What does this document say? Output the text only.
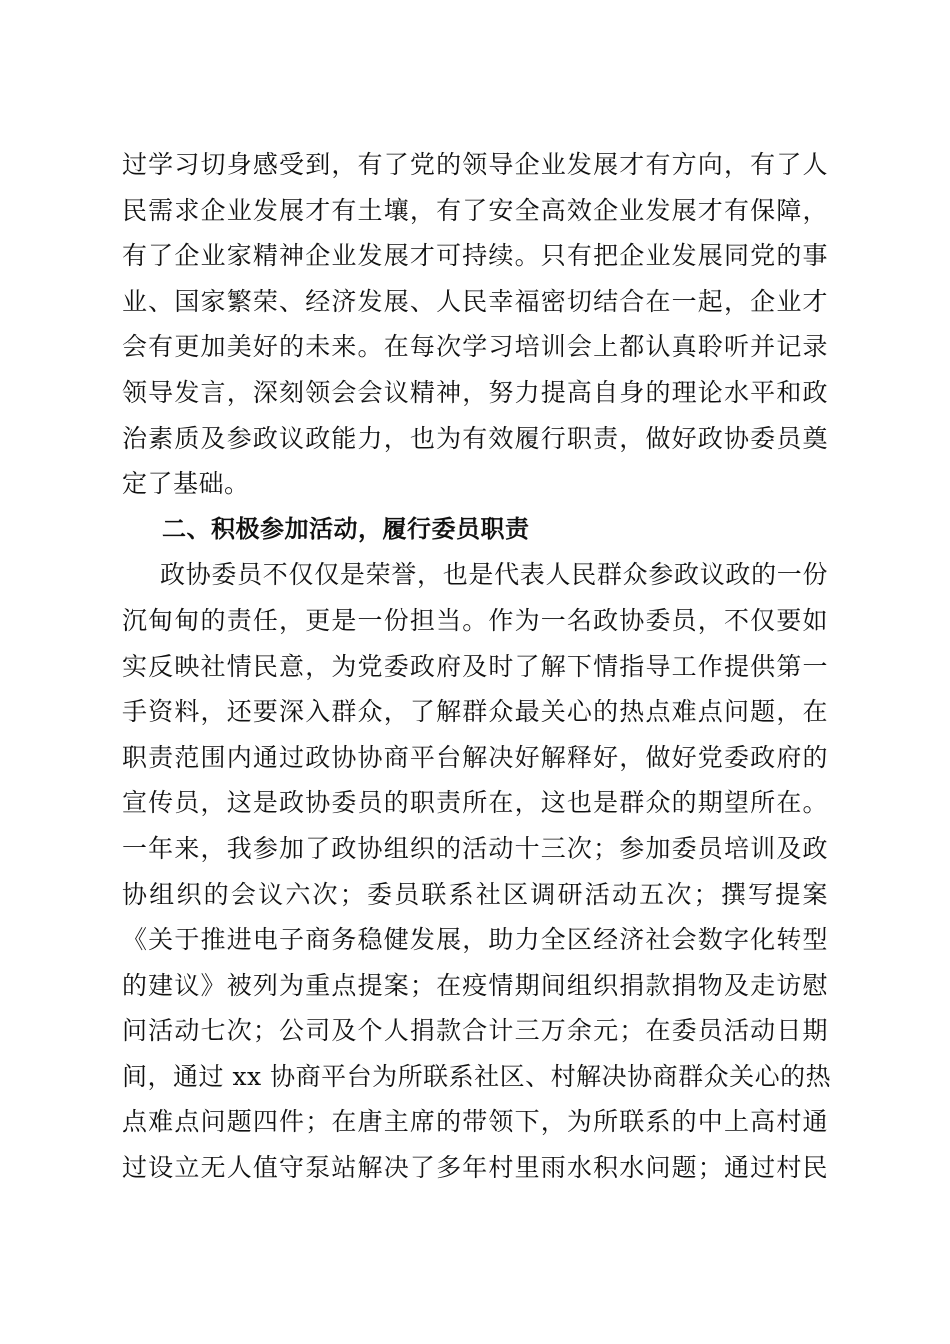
过学习切身感受到，有了党的领导企业发展才有方向，有了人
民需求企业发展才有土壤，有了安全高效企业发展才有保障，
有了企业家精神企业发展才可持续。只有把企业发展同党的事
业、国家繁荣、经济发展、人民幸福密切结合在一起，企业才
会有更加美好的未来。在每次学习培训会上都认真聆听并记录
领导发言，深刻领会会议精神，努力提高自身的理论水平和政
治素质及参政议政能力，也为有效履行职责，做好政协委员奠
定了基础。
二、积极参加活动，履行委员职责
政协委员不仅仅是荣誉，也是代表人民群众参政议政的一份
沉甸甸的责任，更是一份担当。作为一名政协委员，不仅要如
实反映社情民意，为党委政府及时了解下情指导工作提供第一
手资料，还要深入群众，了解群众最关心的热点难点问题，在
职责范围内通过政协协商平台解决好解释好，做好党委政府的
宣传员，这是政协委员的职责所在，这也是群众的期望所在。
一年来，我参加了政协组织的活动十三次；参加委员培训及政
协组织的会议六次；委员联系社区调研活动五次；撰写提案
《关于推进电子商务稳健发展，助力全区经济社会数字化转型
的建议》被列为重点提案；在疫情期间组织捐款捐物及走访慰
问活动七次；公司及个人捐款合计三万余元；在委员活动日期
间，通过 xx 协商平台为所联系社区、村解决协商群众关心的热
点难点问题四件；在唐主席的带领下，为所联系的中上高村通
过设立无人值守泵站解决了多年村里雨水积水问题；通过村民
